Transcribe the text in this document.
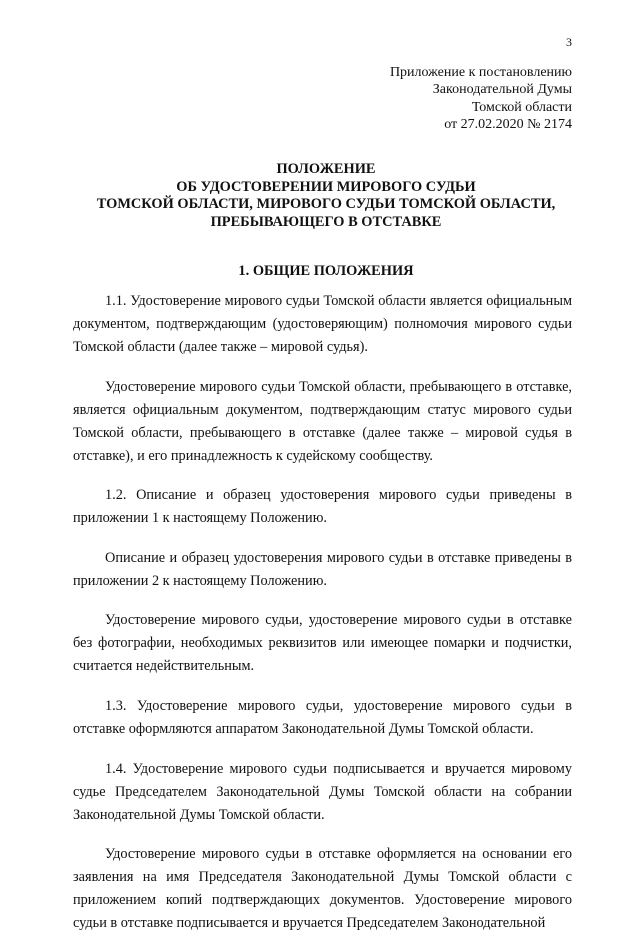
3
Приложение к постановлению
Законодательной Думы
Томской области
от 27.02.2020 № 2174
ПОЛОЖЕНИЕ
ОБ УДОСТОВЕРЕНИИ МИРОВОГО СУДЬИ
ТОМСКОЙ ОБЛАСТИ, МИРОВОГО СУДЬИ ТОМСКОЙ ОБЛАСТИ,
ПРЕБЫВАЮЩЕГО В ОТСТАВКЕ
1. ОБЩИЕ ПОЛОЖЕНИЯ

1.1. Удостоверение мирового судьи Томской области является официальным документом, подтверждающим (удостоверяющим) полномочия мирового судьи Томской области (далее также – мировой судья).

Удостоверение мирового судьи Томской области, пребывающего в отставке, является официальным документом, подтверждающим статус мирового судьи Томской области, пребывающего в отставке (далее также – мировой судья в отставке), и его принадлежность к судейскому сообществу.

1.2. Описание и образец удостоверения мирового судьи приведены в приложении 1 к настоящему Положению.

Описание и образец удостоверения мирового судьи в отставке приведены в приложении 2 к настоящему Положению.

Удостоверение мирового судьи, удостоверение мирового судьи в отставке без фотографии, необходимых реквизитов или имеющее помарки и подчистки, считается недействительным.

1.3. Удостоверение мирового судьи, удостоверение мирового судьи в отставке оформляются аппаратом Законодательной Думы Томской области.

1.4. Удостоверение мирового судьи подписывается и вручается мировому судье Председателем Законодательной Думы Томской области на собрании Законодательной Думы Томской области.

Удостоверение мирового судьи в отставке оформляется на основании его заявления на имя Председателя Законодательной Думы Томской области с приложением копий подтверждающих документов. Удостоверение мирового судьи в отставке подписывается и вручается Председателем Законодательной
